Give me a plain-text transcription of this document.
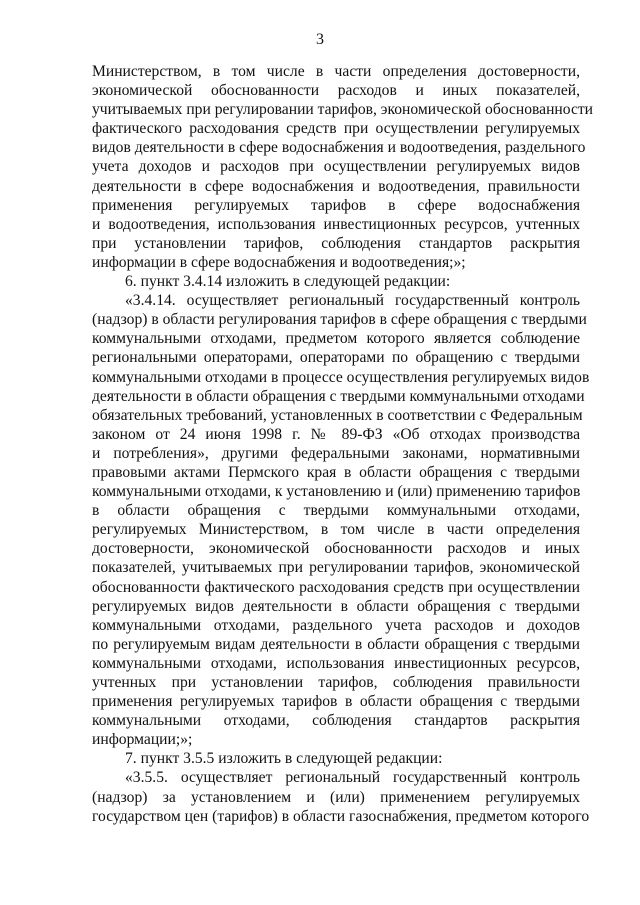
3
Министерством, в том числе в части определения достоверности,
экономической обоснованности расходов и иных показателей,
учитываемых при регулировании тарифов, экономической обоснованности
фактического расходования средств при осуществлении регулируемых
видов деятельности в сфере водоснабжения и водоотведения, раздельного
учета доходов и расходов при осуществлении регулируемых видов
деятельности в сфере водоснабжения и водоотведения, правильности
применения регулируемых тарифов в сфере водоснабжения
и водоотведения, использования инвестиционных ресурсов, учтенных
при установлении тарифов, соблюдения стандартов раскрытия
информации в сфере водоснабжения и водоотведения;»;
6. пункт 3.4.14 изложить в следующей редакции:
«3.4.14. осуществляет региональный государственный контроль
(надзор) в области регулирования тарифов в сфере обращения с твердыми
коммунальными отходами, предметом которого является соблюдение
региональными операторами, операторами по обращению с твердыми
коммунальными отходами в процессе осуществления регулируемых видов
деятельности в области обращения с твердыми коммунальными отходами
обязательных требований, установленных в соответствии с Федеральным
законом от 24 июня 1998 г. № 89-ФЗ «Об отходах производства
и потребления», другими федеральными законами, нормативными
правовыми актами Пермского края в области обращения с твердыми
коммунальными отходами, к установлению и (или) применению тарифов
в области обращения с твердыми коммунальными отходами,
регулируемых Министерством, в том числе в части определения
достоверности, экономической обоснованности расходов и иных
показателей, учитываемых при регулировании тарифов, экономической
обоснованности фактического расходования средств при осуществлении
регулируемых видов деятельности в области обращения с твердыми
коммунальными отходами, раздельного учета расходов и доходов
по регулируемым видам деятельности в области обращения с твердыми
коммунальными отходами, использования инвестиционных ресурсов,
учтенных при установлении тарифов, соблюдения правильности
применения регулируемых тарифов в области обращения с твердыми
коммунальными отходами, соблюдения стандартов раскрытия
информации;»;
7. пункт 3.5.5 изложить в следующей редакции:
«3.5.5. осуществляет региональный государственный контроль
(надзор) за установлением и (или) применением регулируемых
государством цен (тарифов) в области газоснабжения, предметом которого
